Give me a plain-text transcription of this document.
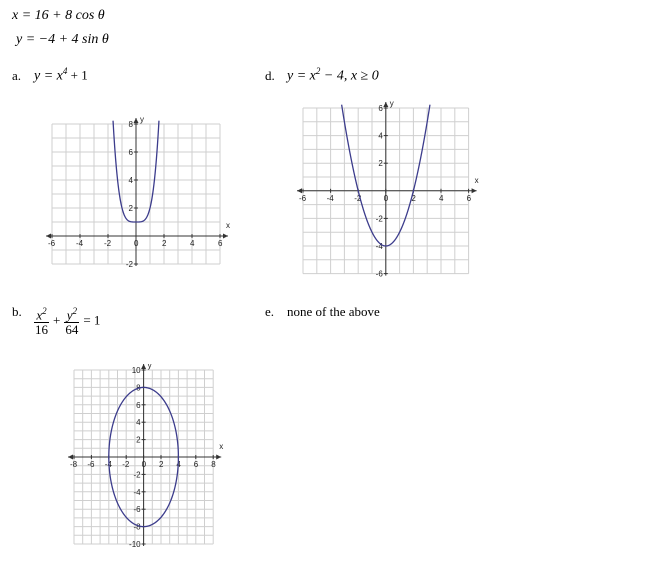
x = 16 + 8 cos θ
y = −4 + 4 sin θ
a. $y = x^4 + 1$	d. $y = x^2 - 4$, x ≥ 0
b. $\frac{x^2}{16} + \frac{y^2}{64} = 1$
e. none of the above
x
y
-6	-4	-2	0	2	4	6
-2
2
4
6
8
x
y
-6	-4	-2	0	2	4	6
-6
-4
-2
2
4
6
x
y
-8 -6 -4 -2 0 2 4 6 8
-10
-8
-6
-4
-2
2
4
6
8
10
